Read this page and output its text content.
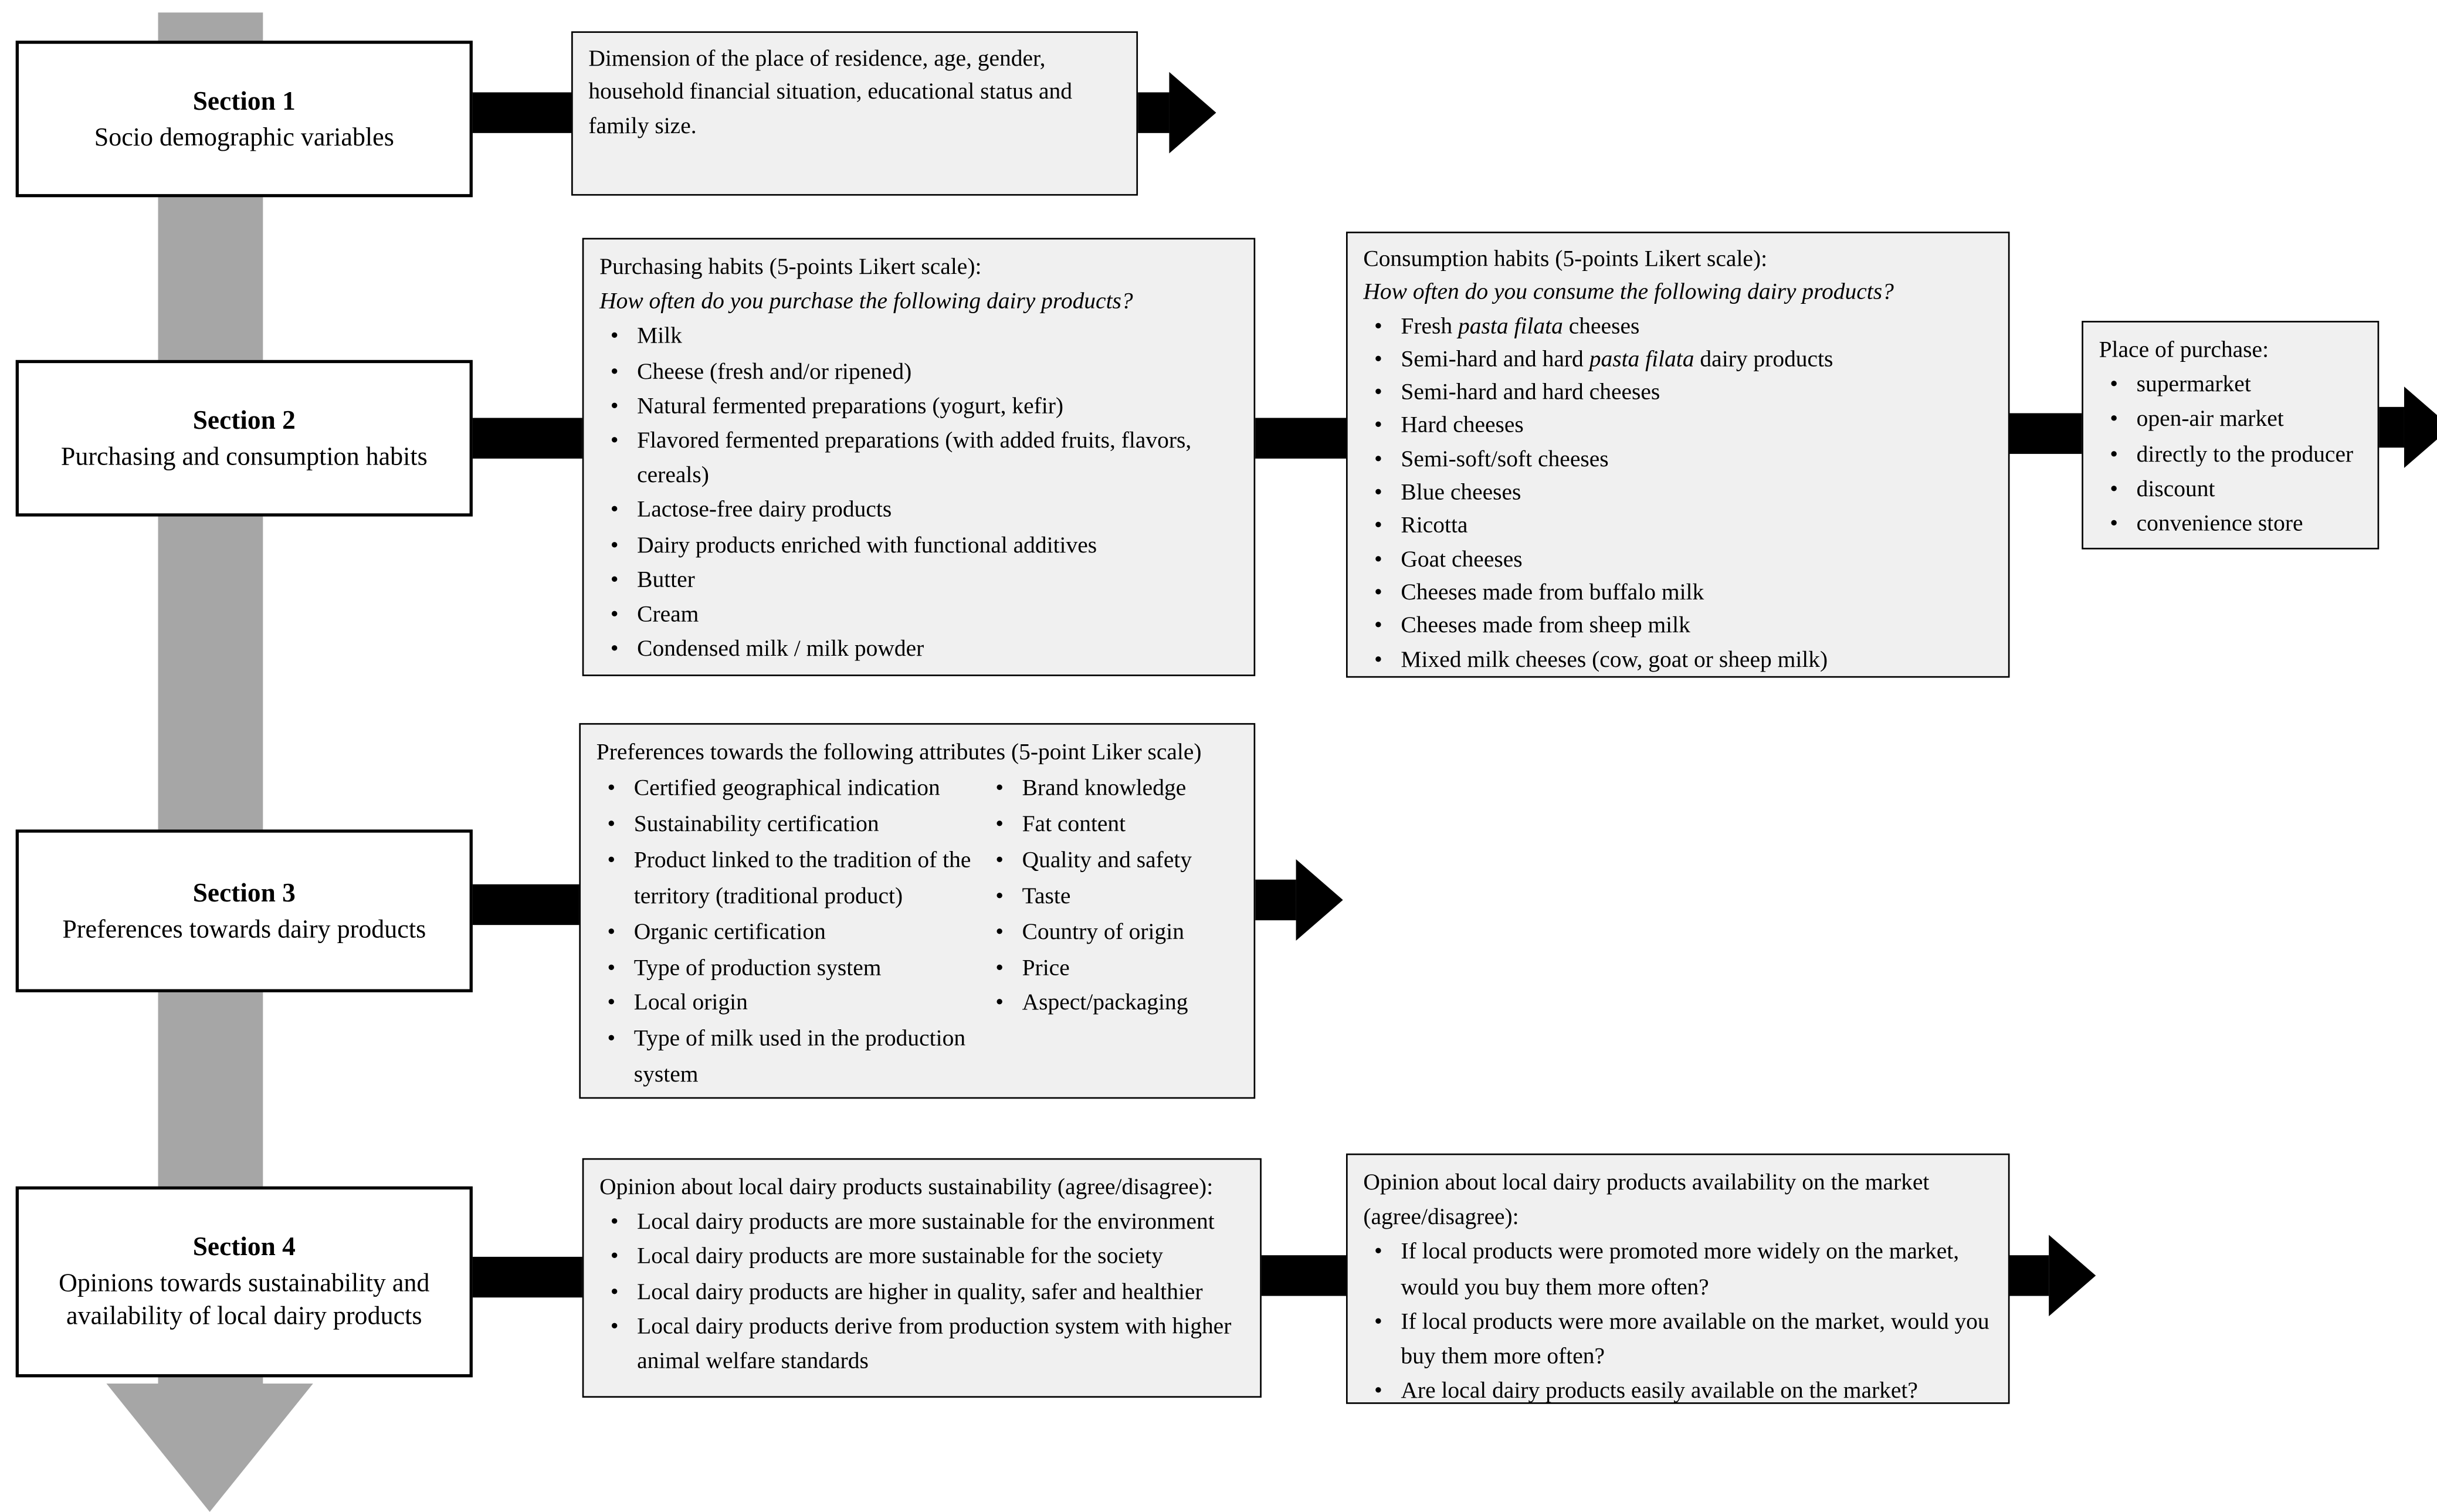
Section 1
Socio demographic variables
Section 2
Purchasing and consumption habits
Section 3
Preferences towards dairy products
Section 4
Opinions towards sustainability and availability of local dairy products
Dimension of the place of residence, age, gender, household financial situation, educational status and family size.
Purchasing habits (5-points Likert scale):
How often do you purchase the following dairy products?
•	Milk
•	Cheese (fresh and/or ripened)
•	Natural fermented preparations (yogurt, kefir)
•	Flavored fermented preparations (with added fruits, flavors, cereals)
•	Lactose-free dairy products
•	Dairy products enriched with functional additives
•	Butter
•	Cream
•	Condensed milk / milk powder
Consumption habits (5-points Likert scale):
How often do you consume the following dairy products?
•	Fresh pasta filata cheeses
•	Semi-hard and hard pasta filata dairy products
•	Semi-hard and hard cheeses
•	Hard cheeses
•	Semi-soft/soft cheeses
•	Blue cheeses
•	Ricotta
•	Goat cheeses
•	Cheeses made from buffalo milk
•	Cheeses made from sheep milk
•	Mixed milk cheeses (cow, goat or sheep milk)
Place of purchase:
•	supermarket
•	open-air market
•	directly to the producer
•	discount
•	convenience store
Preferences towards the following attributes (5-point Liker scale)
•	Certified geographical indication
•	Sustainability certification
•	Product linked to the tradition of the territory (traditional product)
•	Organic certification
•	Type of production system
•	Local origin
•	Type of milk used in the production system
•	Brand knowledge
•	Fat content
•	Quality and safety
•	Taste
•	Country of origin
•	Price
•	Aspect/packaging
Opinion about local dairy products sustainability (agree/disagree):
•	Local dairy products are more sustainable for the environment
•	Local dairy products are more sustainable for the society
•	Local dairy products are higher in quality, safer and healthier
•	Local dairy products derive from production system with higher animal welfare standards
Opinion about local dairy products availability on the market (agree/disagree):
•	If local products were promoted more widely on the market, would you buy them more often?
•	If local products were more available on the market, would you buy them more often?
•	Are local dairy products easily available on the market?
